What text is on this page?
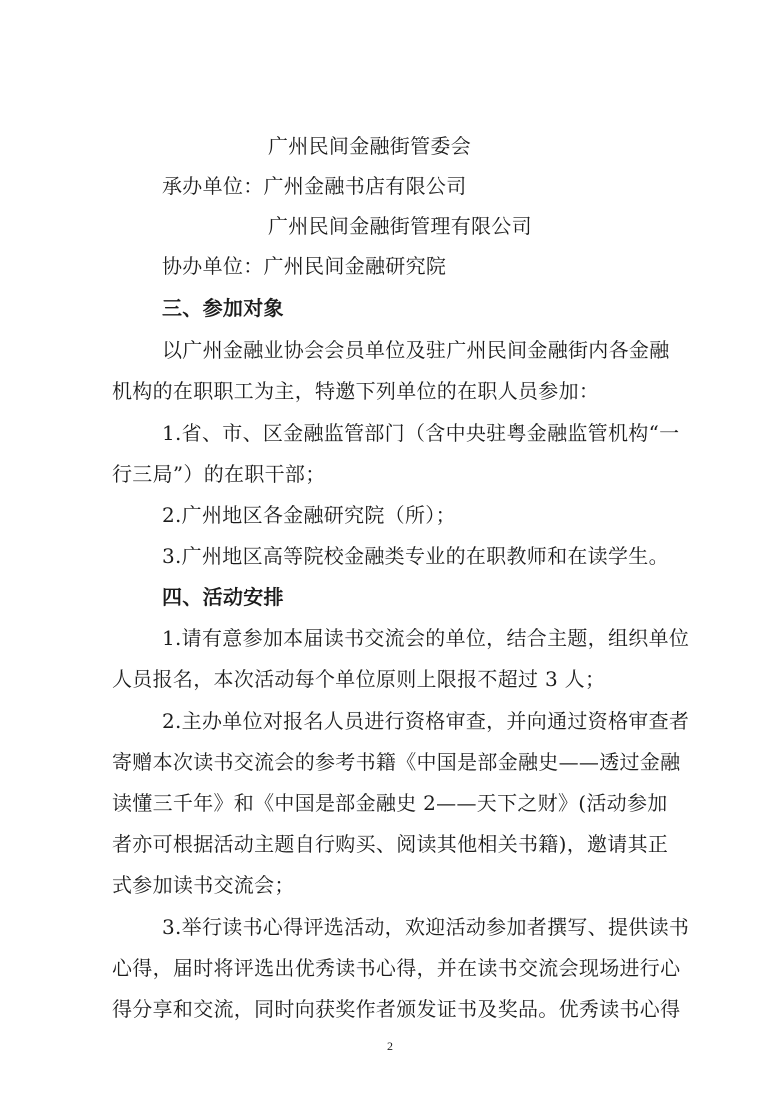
广州民间金融街管委会
承办单位：广州金融书店有限公司
广州民间金融街管理有限公司
协办单位：广州民间金融研究院
三、参加对象
以广州金融业协会会员单位及驻广州民间金融街内各金融
机构的在职职工为主，特邀下列单位的在职人员参加：
1.省、市、区金融监管部门（含中央驻粤金融监管机构“一
行三局”）的在职干部；
2.广州地区各金融研究院（所）；
3.广州地区高等院校金融类专业的在职教师和在读学生。
四、活动安排
1.请有意参加本届读书交流会的单位，结合主题，组织单位
人员报名，本次活动每个单位原则上限报不超过 3 人；
2.主办单位对报名人员进行资格审查，并向通过资格审查者
寄赠本次读书交流会的参考书籍《中国是部金融史——透过金融
读懂三千年》和《中国是部金融史 2——天下之财》(活动参加
者亦可根据活动主题自行购买、阅读其他相关书籍)，邀请其正
式参加读书交流会；
3.举行读书心得评选活动，欢迎活动参加者撰写、提供读书
心得，届时将评选出优秀读书心得，并在读书交流会现场进行心
得分享和交流，同时向获奖作者颁发证书及奖品。优秀读书心得
2
